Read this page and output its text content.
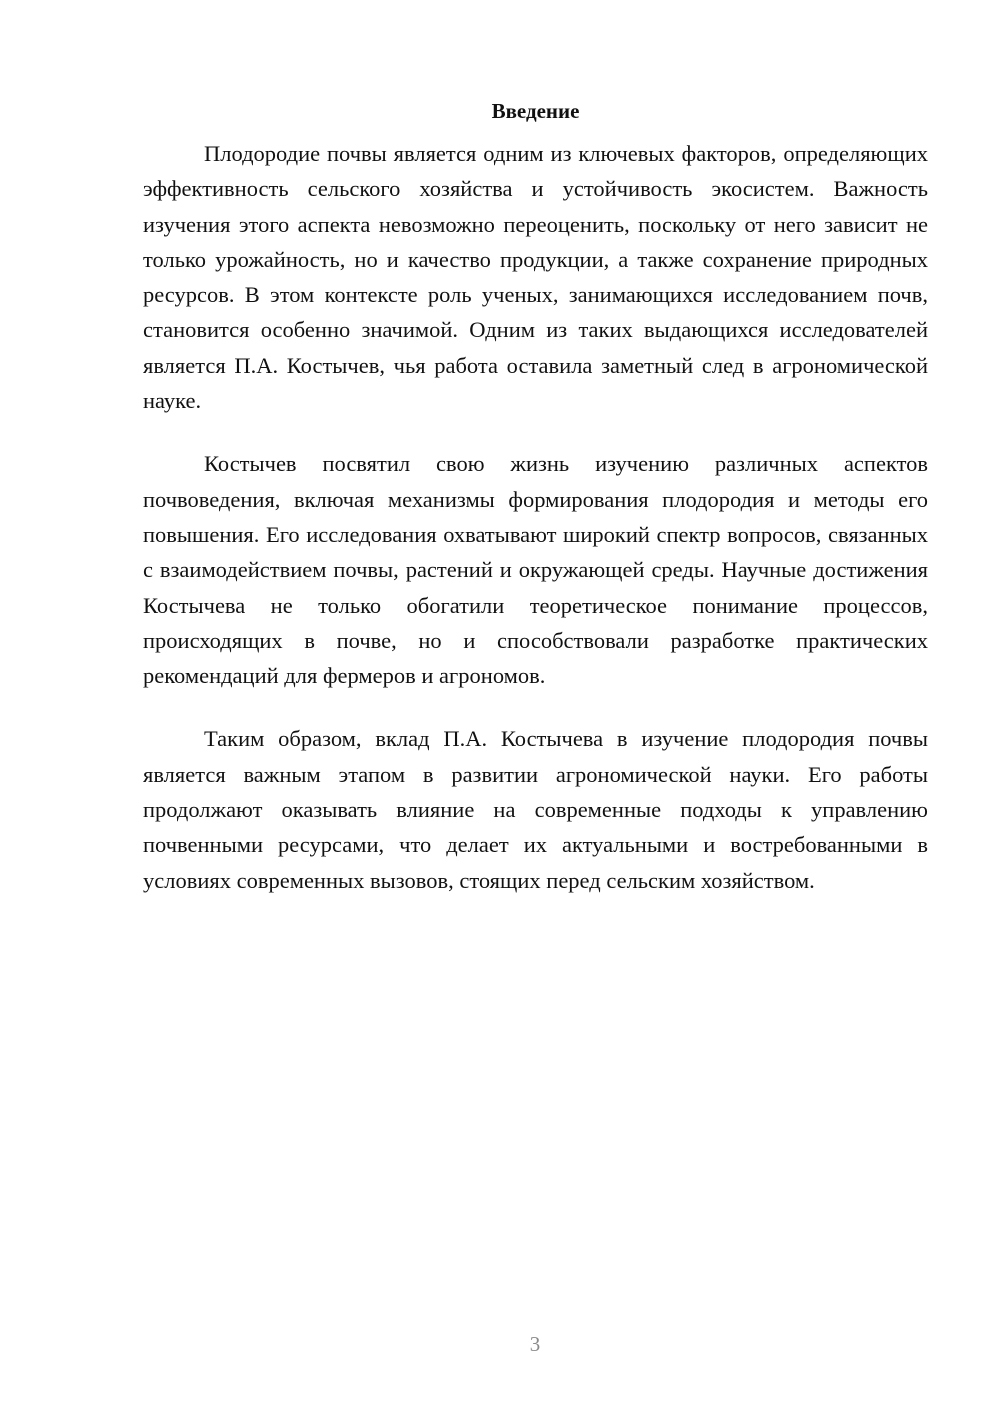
Введение

Плодородие почвы является одним из ключевых факторов, определяющих эффективность сельского хозяйства и устойчивость экосистем. Важность изучения этого аспекта невозможно переоценить, поскольку от него зависит не только урожайность, но и качество продукции, а также сохранение природных ресурсов. В этом контексте роль ученых, занимающихся исследованием почв, становится особенно значимой. Одним из таких выдающихся исследователей является П.А. Костычев, чья работа оставила заметный след в агрономической науке.

Костычев посвятил свою жизнь изучению различных аспектов почвоведения, включая механизмы формирования плодородия и методы его повышения. Его исследования охватывают широкий спектр вопросов, связанных с взаимодействием почвы, растений и окружающей среды. Научные достижения Костычева не только обогатили теоретическое понимание процессов, происходящих в почве, но и способствовали разработке практических рекомендаций для фермеров и агрономов.

Таким образом, вклад П.А. Костычева в изучение плодородия почвы является важным этапом в развитии агрономической науки. Его работы продолжают оказывать влияние на современные подходы к управлению почвенными ресурсами, что делает их актуальными и востребованными в условиях современных вызовов, стоящих перед сельским хозяйством.

3
